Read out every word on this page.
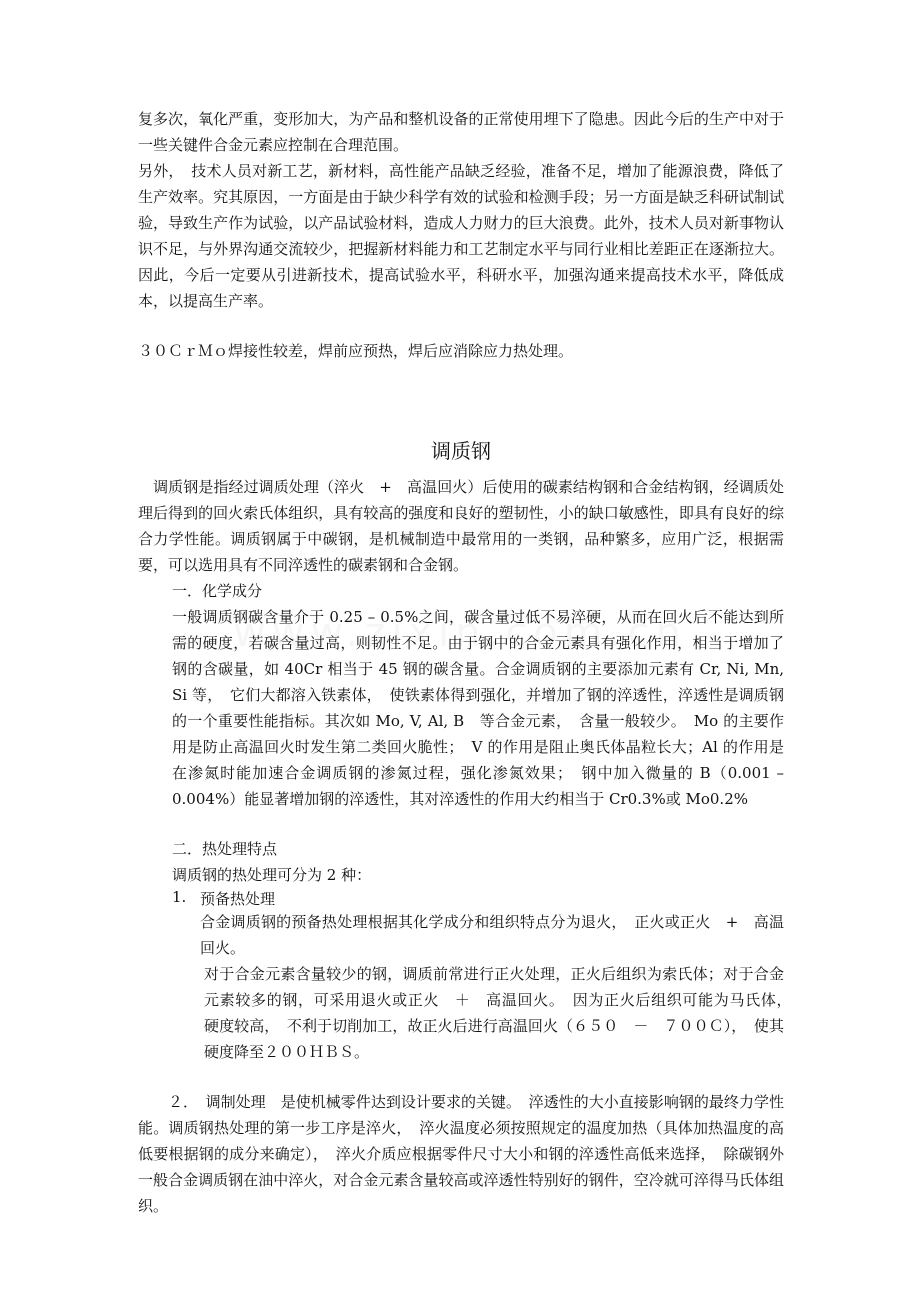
复多次，氧化严重，变形加大，为产品和整机设备的正常使用埋下了隐患。因此今后的生产中对于一些关键件合金元素应控制在合理范围。

另外，　技术人员对新工艺，新材料，高性能产品缺乏经验，准备不足，增加了能源浪费，降低了生产效率。究其原因，一方面是由于缺少科学有效的试验和检测手段；另一方面是缺乏科研试制试验，导致生产作为试验，以产品试验材料，造成人力财力的巨大浪费。此外，技术人员对新事物认识不足，与外界沟通交流较少，把握新材料能力和工艺制定水平与同行业相比差距正在逐渐拉大。因此，今后一定要从引进新技术，提高试验水平，科研水平，加强沟通来提高技术水平，降低成本，以提高生产率。

３０ＣｒＭｏ焊接性较差，焊前应预热，焊后应消除应力热处理。

调质钢

　调质钢是指经过调质处理（淬火　+　高温回火）后使用的碳素结构钢和合金结构钢，经调质处理后得到的回火索氏体组织，具有较高的强度和良好的塑韧性，小的缺口敏感性，即具有良好的综合力学性能。调质钢属于中碳钢，是机械制造中最常用的一类钢，品种繁多，应用广泛，根据需要，可以选用具有不同淬透性的碳素钢和合金钢。

一．化学成分

一般调质钢碳含量介于 0.25 – 0.5%之间，碳含量过低不易淬硬，从而在回火后不能达到所需的硬度，若碳含量过高，则韧性不足。由于钢中的合金元素具有强化作用，相当于增加了钢的含碳量，如 40Cr 相当于 45 钢的碳含量。合金调质钢的主要添加元素有 Cr, Ni, Mn, Si 等，　它们大都溶入铁素体，　使铁素体得到强化，并增加了钢的淬透性，淬透性是调质钢的一个重要性能指标。其次如 Mo, V, Al, B　等合金元素，　含量一般较少。　Mo 的主要作用是防止高温回火时发生第二类回火脆性；　V 的作用是阻止奥氏体晶粒长大；Al 的作用是在渗氮时能加速合金调质钢的渗氮过程，强化渗氮效果；　钢中加入微量的 B（0.001 – 0.004%）能显著增加钢的淬透性，其对淬透性的作用大约相当于 Cr0.3%或 Mo0.2%

二．热处理特点

调质钢的热处理可分为 2 种：

1. 预备热处理

合金调质钢的预备热处理根据其化学成分和组织特点分为退火，　正火或正火　+　高温回火。

对于合金元素含量较少的钢，调质前常进行正火处理，正火后组织为索氏体；对于合金元素较多的钢，可采用退火或正火　＋　高温回火。　因为正火后组织可能为马氏体，　硬度较高，　不利于切削加工，故正火后进行高温回火（６５０　－　７００Ｃ），　使其硬度降至２００ＨＢＳ。

２．　调制处理　是使机械零件达到设计要求的关键。　淬透性的大小直接影响钢的最终力学性能。调质钢热处理的第一步工序是淬火，　淬火温度必须按照规定的温度加热（具体加热温度的高低要根据钢的成分来确定），　淬火介质应根据零件尺寸大小和钢的淬透性高低来选择，　除碳钢外一般合金调质钢在油中淬火，对合金元素含量较高或淬透性特别好的钢件，空冷就可淬得马氏体组织。
